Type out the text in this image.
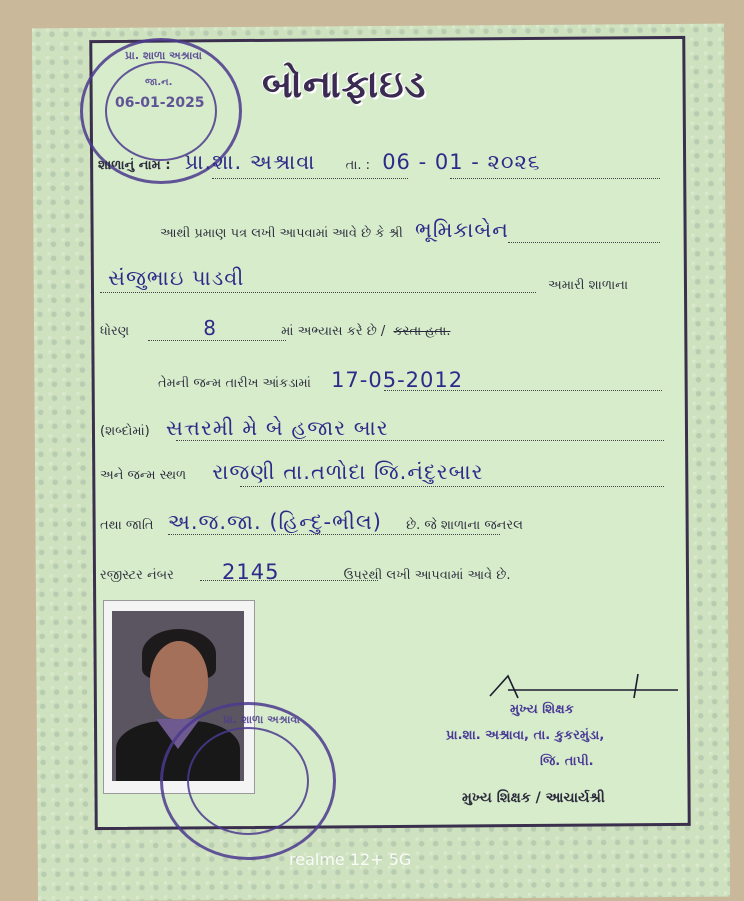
બોનાફાઇડ
પ્રા. શાળા અશ્રાવા
જા.ન.
06-01-2025
શાળાનું નામ : પ્રા.શા. અશ્રાવા તા. : 06 - 01 - ૨૦૨૬
આથી પ્રમાણ પત્ર લખી આપવામાં આવે છે કે શ્રી ભૂમિકાબેન
સંજુભાઇ પાડવી	અમારી શાળાના
ધોરણ	8	માં અભ્યાસ કરે છે / કરતા હતા.
તેમની જન્મ તારીખ આંકડામાં 17-05-2012
(શબ્દોમાં) સત્તરમી મે બે હજાર બાર
અને જન્મ સ્થળ રાજણી તા.તળોદા જિ.નંદુરબાર
તથા જાતિ અ.જ.જા. (હિન્દુ-ભીલ) છે. જે શાળાના જનરલ
રજીસ્ટર નંબર 2145	ઉપરથી લખી આપવામાં આવે છે.
પ્રા. શાળા અશ્રાવા
મુખ્ય શિક્ષક
પ્રા.શા. અશ્રાવા, તા. કુકરમુંડા,
જિ. તાપી.
મુખ્ય શિક્ષક / આચાર્યશ્રી
realme 12+ 5G
